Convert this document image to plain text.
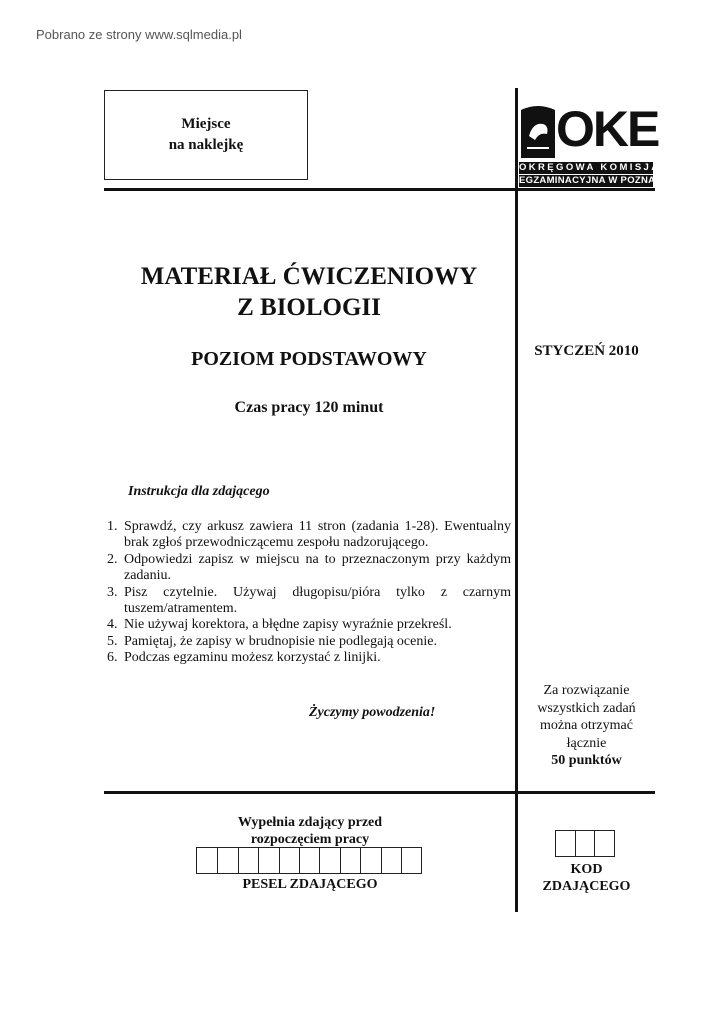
Pobrano ze strony www.sqlmedia.pl
Miejsce
na naklejkę	OKE
OKRĘGOWA KOMISJA
EGZAMINACYJNA W POZNANIU
MATERIAŁ ĆWICZENIOWY
Z BIOLOGII
POZIOM PODSTAWOWY
Czas pracy 120 minut
STYCZEŃ 2010
Instrukcja dla zdającego
1. Sprawdź, czy arkusz zawiera 11 stron (zadania 1-28). Ewentualny brak zgłoś przewodniczącemu zespołu nadzorującego.
2. Odpowiedzi zapisz w miejscu na to przeznaczonym przy każdym zadaniu.
3. Pisz czytelnie. Używaj długopisu/pióra tylko z czarnym tuszem/atramentem.
4. Nie używaj korektora, a błędne zapisy wyraźnie przekreśl.
5. Pamiętaj, że zapisy w brudnopisie nie podlegają ocenie.
6. Podczas egzaminu możesz korzystać z linijki.
Życzymy powodzenia!
Za rozwiązanie
wszystkich zadań
można otrzymać
łącznie
50 punktów
Wypełnia zdający przed
rozpoczęciem pracy
PESEL ZDAJĄCEGO
KOD
ZDAJĄCEGO
